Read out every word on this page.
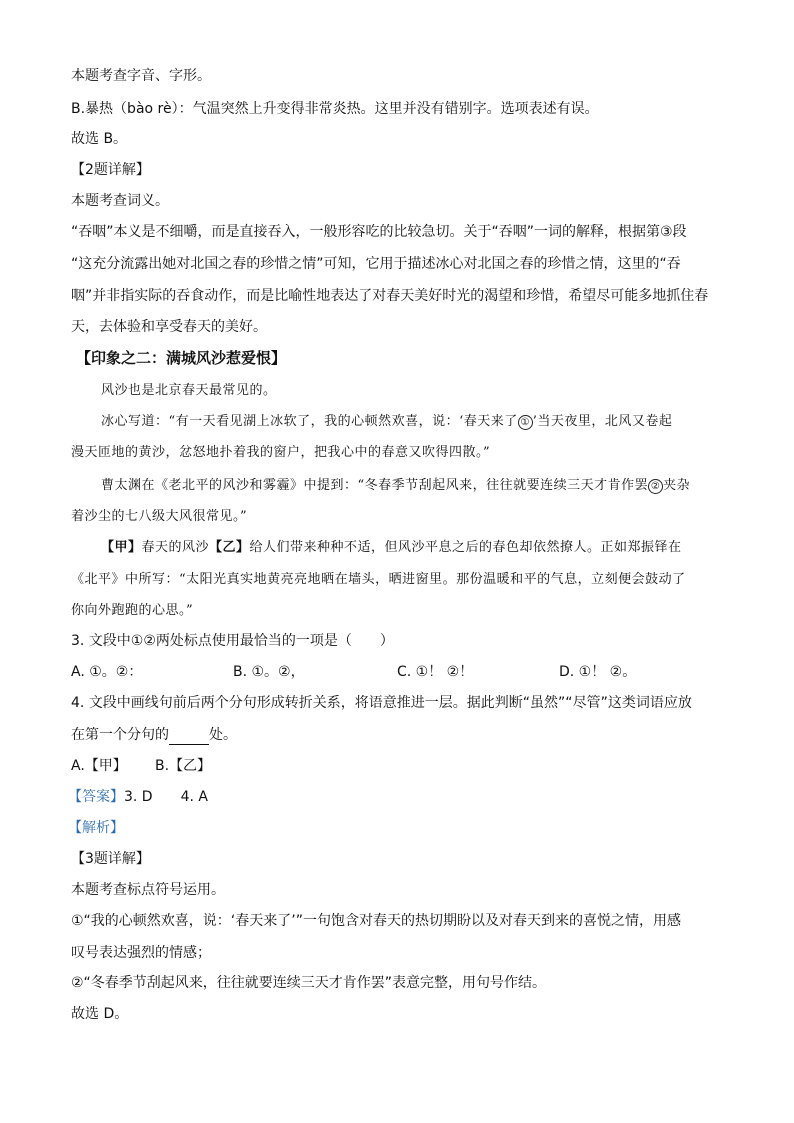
本题考查字音、字形。
B.暴热（bào rè）：气温突然上升变得非常炎热。这里并没有错别字。选项表述有误。
故选 B。
【2题详解】
本题考查词义。
“吞咽”本义是不细嚼，而是直接吞入，一般形容吃的比较急切。关于“吞咽”一词的解释，根据第③段
“这充分流露出她对北国之春的珍惜之情”可知，它用于描述冰心对北国之春的珍惜之情，这里的“吞
咽”并非指实际的吞食动作，而是比喻性地表达了对春天美好时光的渴望和珍惜，希望尽可能多地抓住春
天，去体验和享受春天的美好。
【印象之二：满城风沙惹爱恨】
风沙也是北京春天最常见的。
冰心写道：“有一天看见湖上冰软了，我的心顿然欢喜，说：‘春天来了 ① ’当天夜里，北风又卷起
漫天匝地的黄沙，忿怒地扑着我的窗户，把我心中的春意又吹得四散。”
曹太渊在《老北平的风沙和雾霾》中提到：“冬春季节刮起风来，往往就要连续三天才肯作罢 ② 夹杂
着沙尘的七八级大风很常见。”
【甲】春天的风沙【乙】给人们带来种种不适，但风沙平息之后的春色却依然撩人。正如郑振铎在
《北平》中所写：“太阳光真实地黄亮亮地晒在墙头，晒进窗里。那份温暖和平的气息，立刻便会鼓动了
你向外跑跑的心思。”
3. 文段中①②两处标点使用最恰当的一项是（　　）
A. ①。②：	B. ①。②，	C. ①！ ②！	D. ①！ ②。
4. 文段中画线句前后两个分句形成转折关系，将语意推进一层。据此判断“虽然”“尽管”这类词语应放
在第一个分句的	处。
A.【甲】 B.【乙】
【答案】3. D　　4. A
【解析】
【3题详解】
本题考查标点符号运用。
①“我的心顿然欢喜，说：‘春天来了’”一句饱含对春天的热切期盼以及对春天到来的喜悦之情，用感
叹号表达强烈的情感；
②“冬春季节刮起风来，往往就要连续三天才肯作罢”表意完整，用句号作结。
故选 D。
